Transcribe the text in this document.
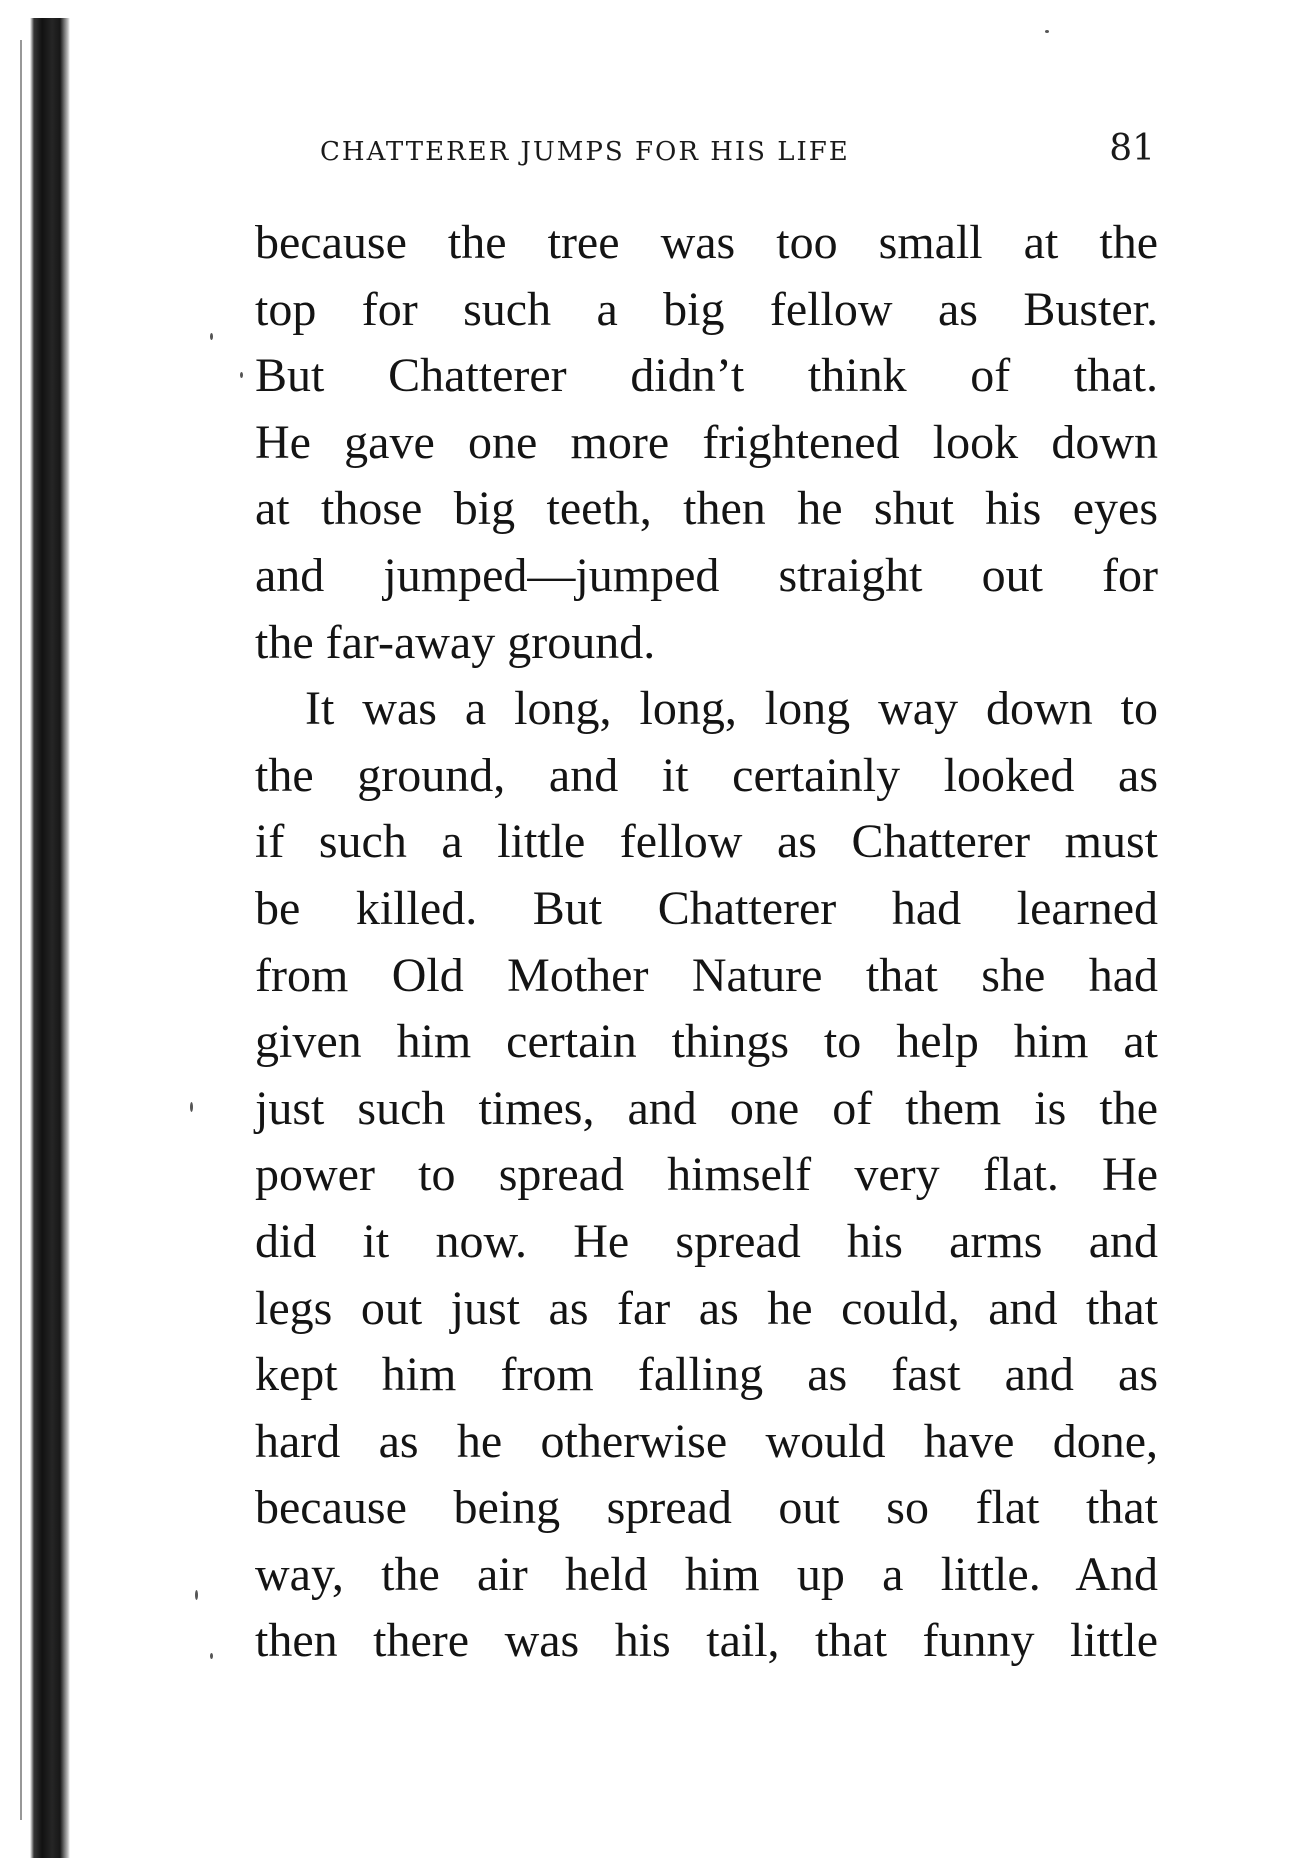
CHATTERER JUMPS FOR HIS LIFE	81
because the tree was too small at the
top for such a big fellow as Buster.
But Chatterer didn’t think of that.
He gave one more frightened look down
at those big teeth, then he shut his eyes
and jumped—jumped straight out for
the far-away ground.
It was a long, long, long way down to
the ground, and it certainly looked as
if such a little fellow as Chatterer must
be killed. But Chatterer had learned
from Old Mother Nature that she had
given him certain things to help him at
just such times, and one of them is the
power to spread himself very flat. He
did it now. He spread his arms and
legs out just as far as he could, and that
kept him from falling as fast and as
hard as he otherwise would have done,
because being spread out so flat that
way, the air held him up a little. And
then there was his tail, that funny little
